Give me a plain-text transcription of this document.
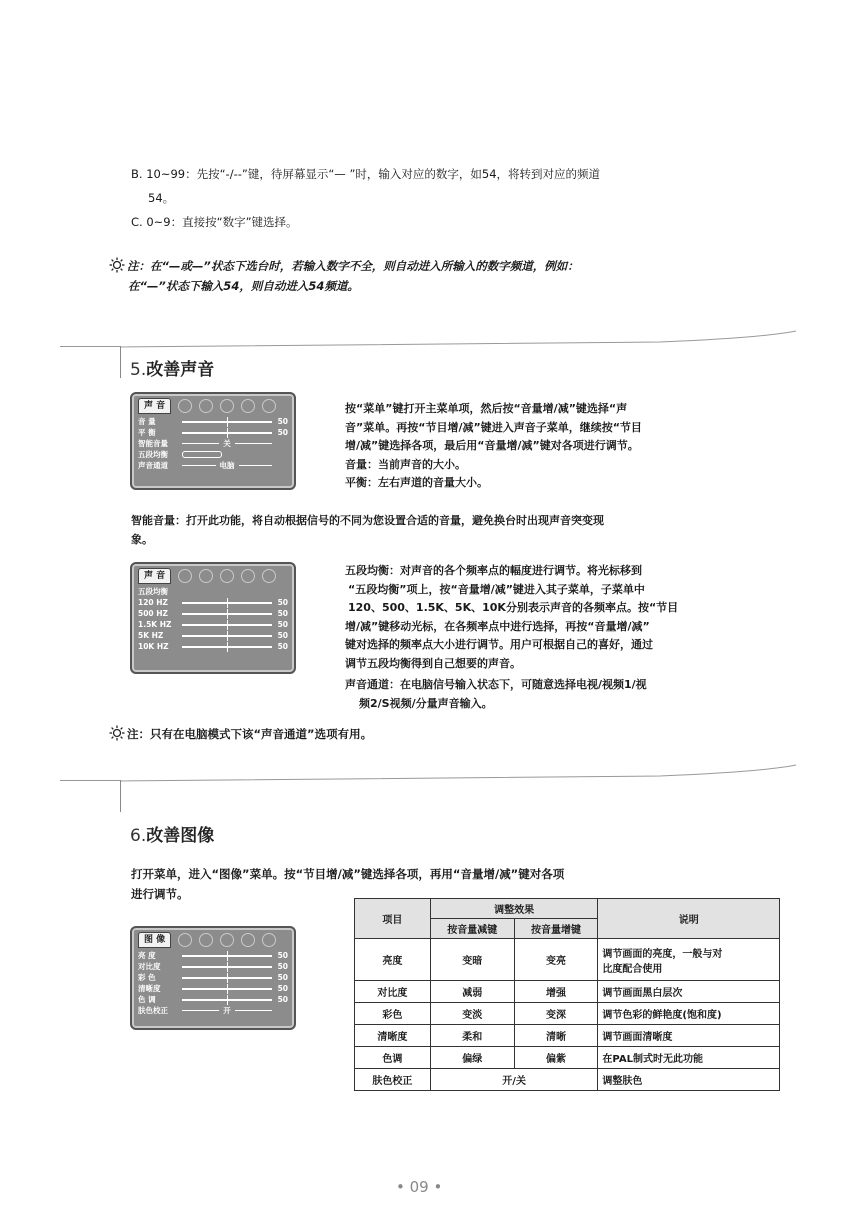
B. 10~99：先按“-/--”键，待屏幕显示“— ”时，输入对应的数字，如54，将转到对应的频道
54。
C. 0~9：直接按“数字”键选择。
注：在“—或—”状态下选台时，若输入数字不全，则自动进入所输入的数字频道，例如：
在“—”状态下输入54，则自动进入54频道。
5.改善声音
声 音
音 量	50
平 衡	50
智能音量	关
五段均衡
声音通道	电脑

按“菜单”键打开主菜单项，然后按“音量增/减”键选择“声

音”菜单。再按“节目增/减”键进入声音子菜单，继续按“节目

增/减”键选择各项，最后用“音量增/减”键对各项进行调节。

音量：当前声音的大小。

平衡：左右声道的音量大小。

智能音量：打开此功能，将自动根据信号的不同为您设置合适的音量，避免换台时出现声音突变现

象。

声 音
五段均衡
120 HZ	50
500 HZ	50
1.5K HZ	50
5K HZ	50
10K HZ	50

五段均衡：对声音的各个频率点的幅度进行调节。将光标移到

“五段均衡”项上，按“音量增/减”键进入其子菜单，子菜单中

120、500、1.5K、5K、10K分别表示声音的各频率点。按“节目

增/减”键移动光标，在各频率点中进行选择，再按“音量增/减”

键对选择的频率点大小进行调节。用户可根据自己的喜好，通过

调节五段均衡得到自己想要的声音。

声音通道：在电脑信号输入状态下，可随意选择电视/视频1/视

频2/S视频/分量声音输入。

注：只有在电脑模式下该“声音通道”选项有用。
6.改善图像

打开菜单，进入“图像”菜单。按“节目增/减”键选择各项，再用“音量增/减”键对各项

进行调节。

图 像
亮 度	50
对比度	50
彩 色	50
清晰度	50
色 调	50
肤色校正	开
项目	调整效果		说明
	按音量减键	按音量增键	
亮度	变暗	变亮	调节画面的亮度，一般与对
比度配合使用

对比度	减弱	增强	调节画面黑白层次
彩色	变淡	变深	调节色彩的鲜艳度(饱和度)
清晰度	柔和	清晰	调节画面清晰度
色调	偏绿	偏紫	在PAL制式时无此功能
肤色校正	开/关		调整肤色
• 09 •
